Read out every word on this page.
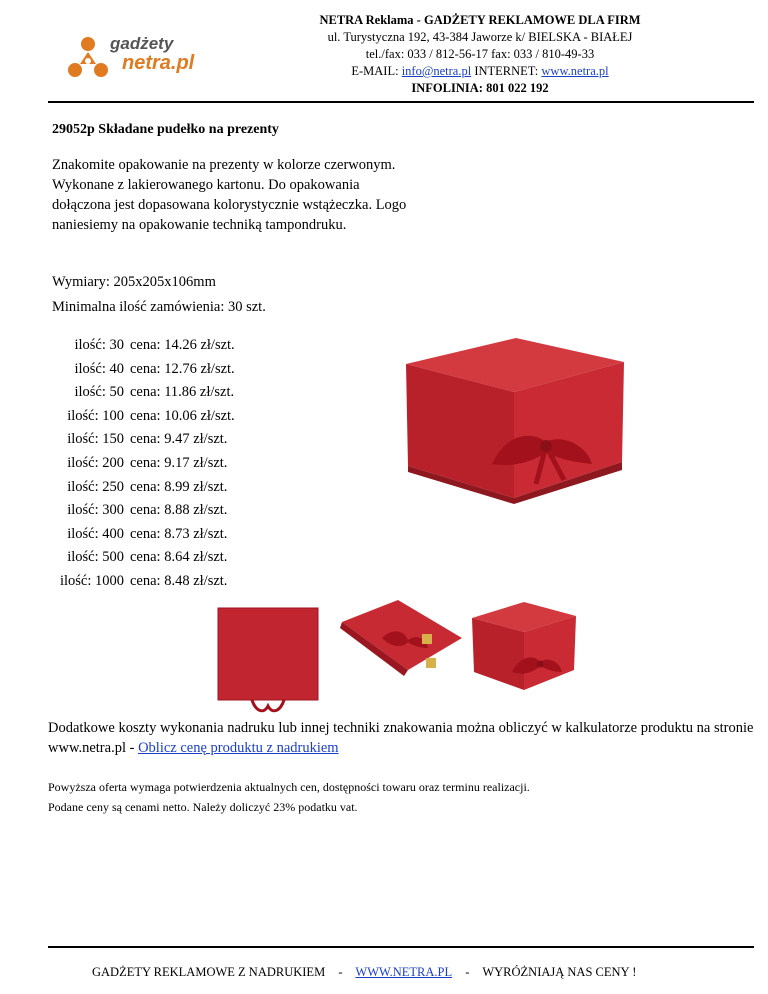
gadżety
netra.pl
NETRA Reklama - GADŻETY REKLAMOWE DLA FIRM
ul. Turystyczna 192, 43-384 Jaworze k/ BIELSKA - BIAŁEJ
tel./fax: 033 / 812-56-17 fax: 033 / 810-49-33
E-MAIL: info@netra.pl INTERNET: www.netra.pl
INFOLINIA: 801 022 192
29052p Składane pudełko na prezenty
Znakomite opakowanie na prezenty w kolorze czerwonym. Wykonane z lakierowanego kartonu. Do opakowania dołączona jest dopasowana kolorystycznie wstążeczka. Logo naniesiemy na opakowanie techniką tampondruku.
Wymiary: 205x205x106mm
Minimalna ilość zamówienia: 30 szt.
ilość: 30 cena: 14.26 zł/szt.
ilość: 40 cena: 12.76 zł/szt.
ilość: 50 cena: 11.86 zł/szt.
ilość: 100 cena: 10.06 zł/szt.
ilość: 150 cena: 9.47 zł/szt.
ilość: 200 cena: 9.17 zł/szt.
ilość: 250 cena: 8.99 zł/szt.
ilość: 300 cena: 8.88 zł/szt.
ilość: 400 cena: 8.73 zł/szt.
ilość: 500 cena: 8.64 zł/szt.
ilość: 1000 cena: 8.48 zł/szt.
Dodatkowe koszty wykonania nadruku lub innej techniki znakowania można obliczyć w kalkulatorze produktu na stronie www.netra.pl - Oblicz cenę produktu z nadrukiem
Powyższa oferta wymaga potwierdzenia aktualnych cen, dostępności towaru oraz terminu realizacji.
Podane ceny są cenami netto. Należy doliczyć 23% podatku vat.
GADŻETY REKLAMOWE Z NADRUKIEM - WWW.NETRA.PL - WYRÓŻNIAJĄ NAS CENY !
